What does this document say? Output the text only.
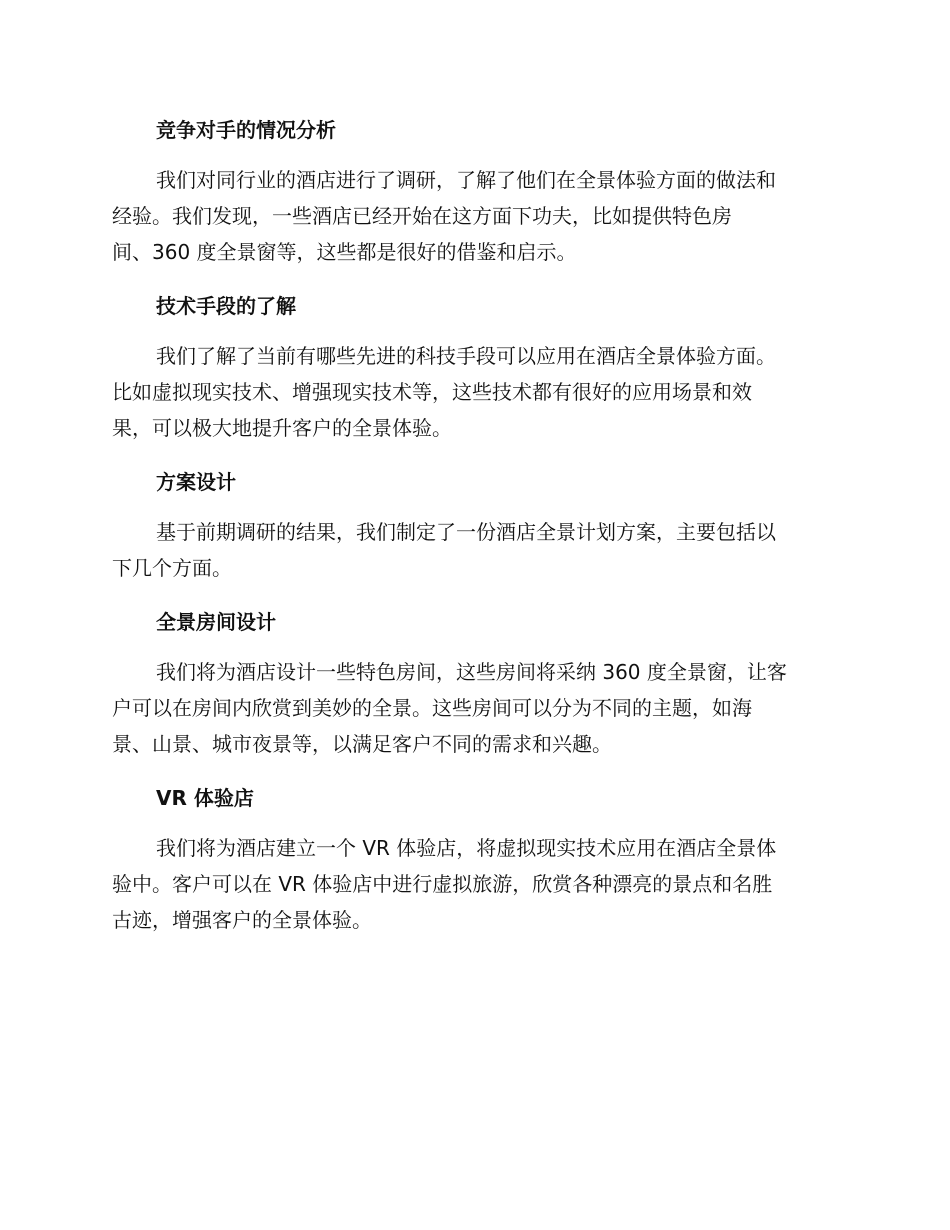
竞争对手的情况分析

我们对同行业的酒店进行了调研，了解了他们在全景体验方面的做法和
经验。我们发现，一些酒店已经开始在这方面下功夫，比如提供特色房
间、360 度全景窗等，这些都是很好的借鉴和启示。

技术手段的了解

我们了解了当前有哪些先进的科技手段可以应用在酒店全景体验方面。
比如虚拟现实技术、增强现实技术等，这些技术都有很好的应用场景和效
果，可以极大地提升客户的全景体验。

方案设计

基于前期调研的结果，我们制定了一份酒店全景计划方案，主要包括以
下几个方面。

全景房间设计

我们将为酒店设计一些特色房间，这些房间将采纳 360 度全景窗，让客
户可以在房间内欣赏到美妙的全景。这些房间可以分为不同的主题，如海
景、山景、城市夜景等，以满足客户不同的需求和兴趣。

VR 体验店

我们将为酒店建立一个 VR 体验店，将虚拟现实技术应用在酒店全景体
验中。客户可以在 VR 体验店中进行虚拟旅游，欣赏各种漂亮的景点和名胜
古迹，增强客户的全景体验。
